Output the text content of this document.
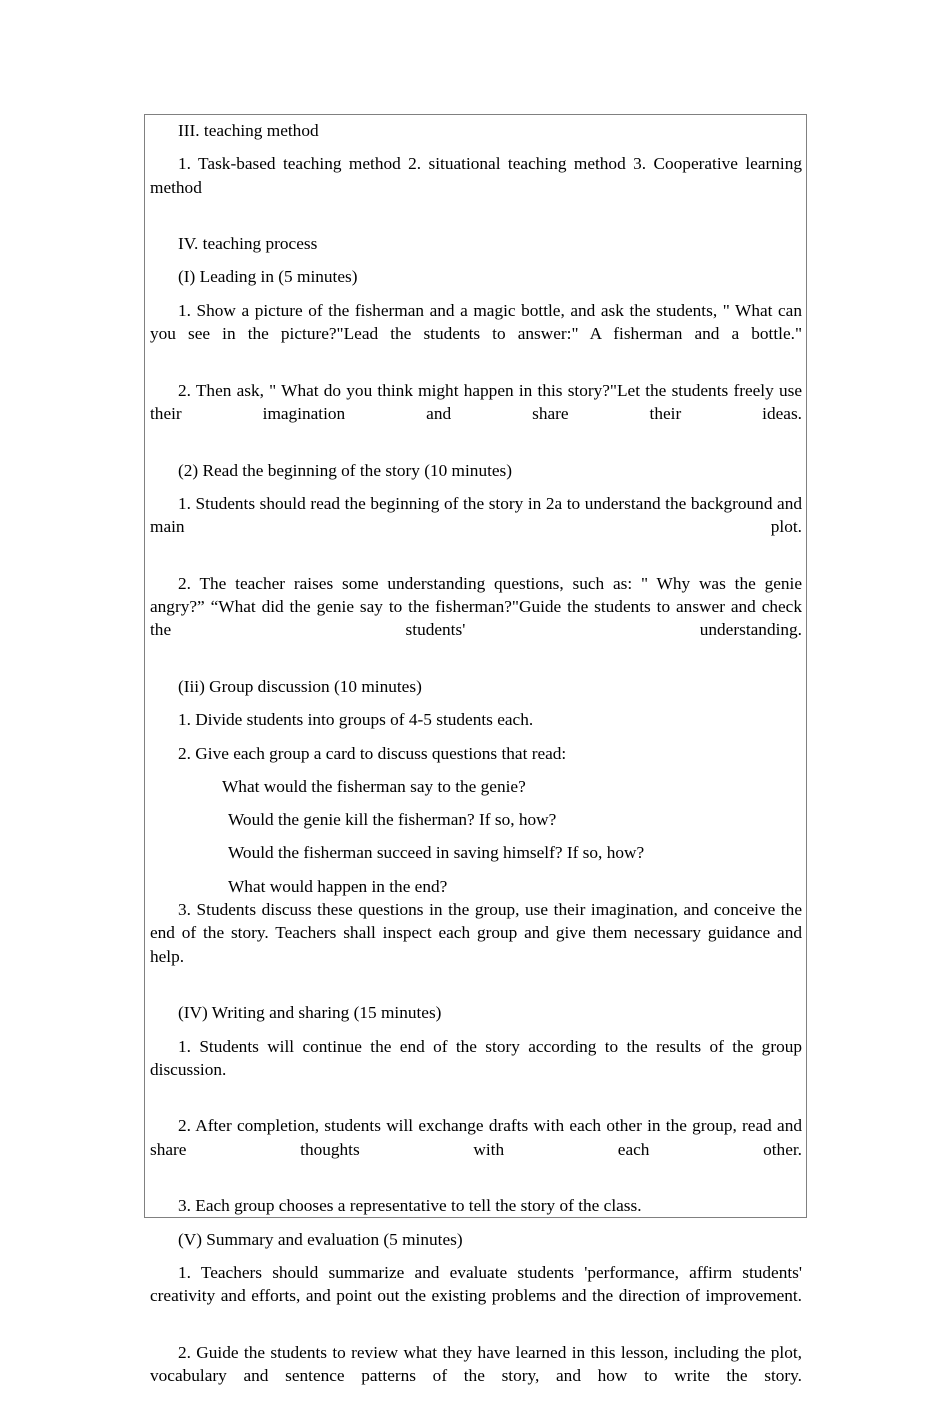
III. teaching method

1. Task-based teaching method 2. situational teaching method 3. Cooperative learning method

IV. teaching process

(I) Leading in (5 minutes)

1. Show a picture of the fisherman and a magic bottle, and ask the students, " What can you see in the picture?"Lead the students to answer:" A fisherman and a bottle."

2. Then ask, " What do you think might happen in this story?"Let the students freely use their imagination and share their ideas.

(2) Read the beginning of the story (10 minutes)

1. Students should read the beginning of the story in 2a to understand the background and main plot.

2. The teacher raises some understanding questions, such as: " Why was the genie angry?” “What did the genie say to the fisherman?"Guide the students to answer and check the students' understanding.

(Iii) Group discussion (10 minutes)

1. Divide students into groups of 4-5 students each.

2. Give each group a card to discuss questions that read:

What would the fisherman say to the genie?

Would the genie kill the fisherman? If so, how?

Would the fisherman succeed in saving himself? If so, how?

What would happen in the end?

3. Students discuss these questions in the group, use their imagination, and conceive the end of the story. Teachers shall inspect each group and give them necessary guidance and help.

(IV) Writing and sharing (15 minutes)

1. Students will continue the end of the story according to the results of the group discussion.

2. After completion, students will exchange drafts with each other in the group, read and share thoughts with each other.

3. Each group chooses a representative to tell the story of the class.

(V) Summary and evaluation (5 minutes)

1. Teachers should summarize and evaluate students 'performance, affirm students' creativity and efforts, and point out the existing problems and the direction of improvement.

2. Guide the students to review what they have learned in this lesson, including the plot, vocabulary and sentence patterns of the story, and how to write the story.
